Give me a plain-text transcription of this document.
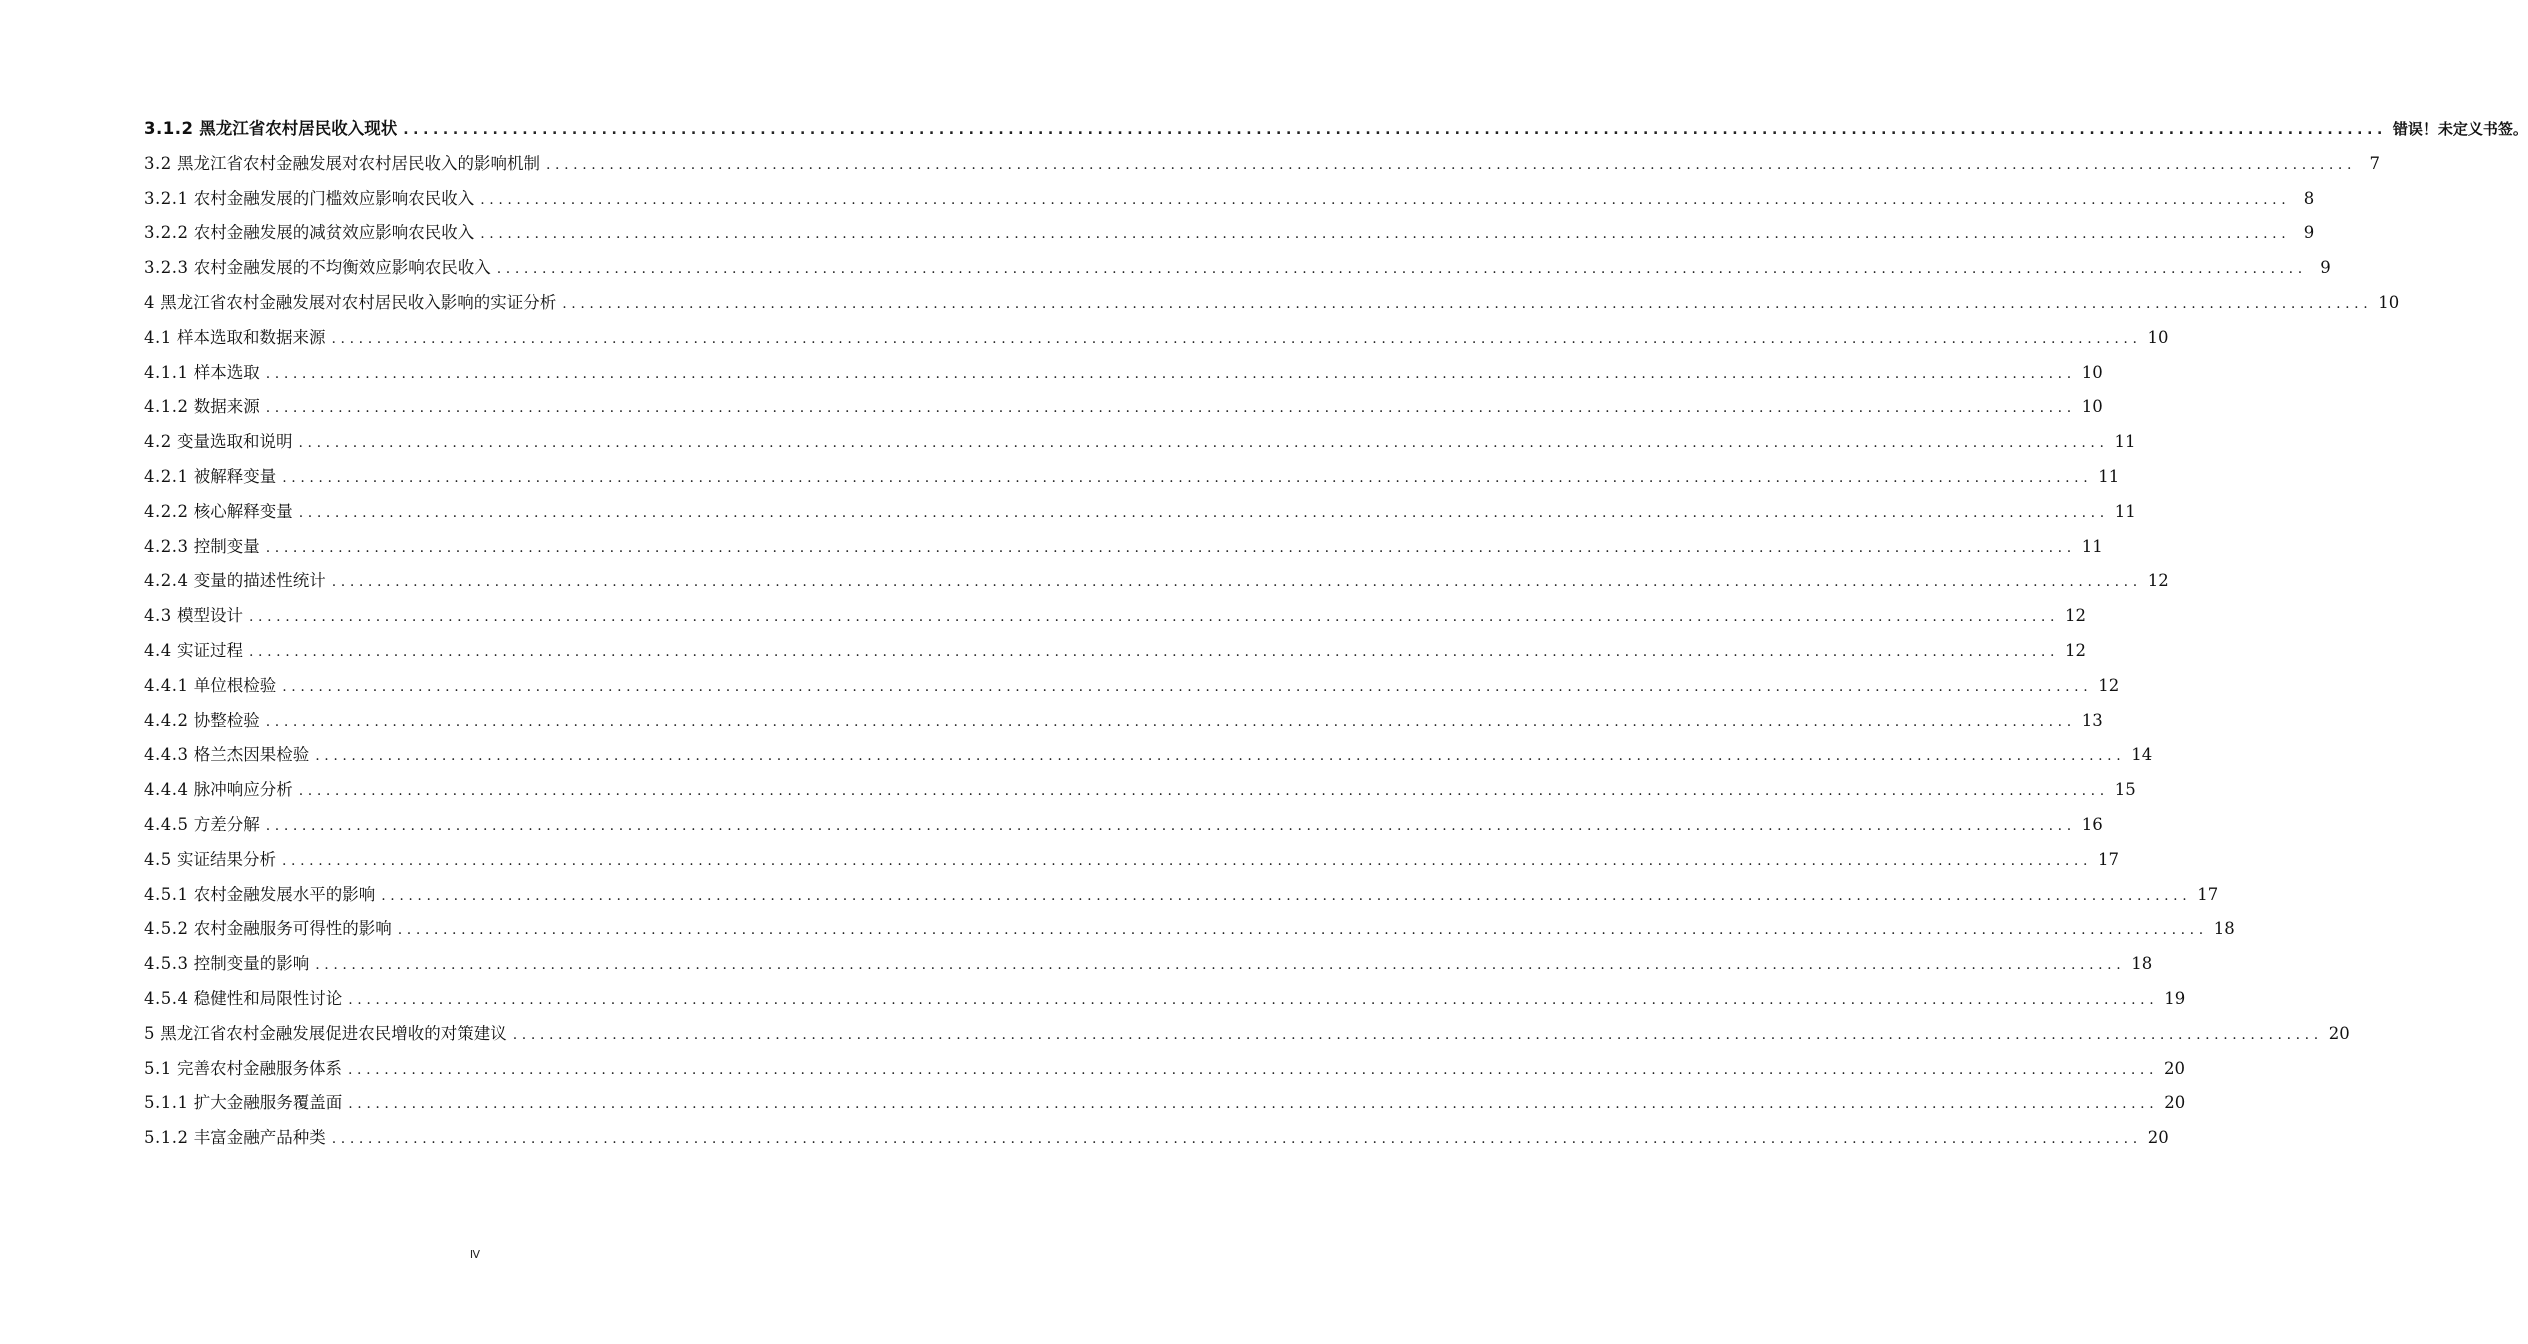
3.1.2 黑龙江省农村居民收入现状 ........................................................................................................................................................................................................ 错误！未定义书签。
3.2 黑龙江省农村金融发展对农村居民收入的影响机制 ........................................................................................................................................................................................................ 7
3.2.1 农村金融发展的门槛效应影响农民收入 ........................................................................................................................................................................................................ 8
3.2.2 农村金融发展的减贫效应影响农民收入 ........................................................................................................................................................................................................ 9
3.2.3 农村金融发展的不均衡效应影响农民收入 ........................................................................................................................................................................................................ 9
4 黑龙江省农村金融发展对农村居民收入影响的实证分析 ........................................................................................................................................................................................................ 10
4.1 样本选取和数据来源 ........................................................................................................................................................................................................ 10
4.1.1 样本选取 ........................................................................................................................................................................................................ 10
4.1.2 数据来源 ........................................................................................................................................................................................................ 10
4.2 变量选取和说明 ........................................................................................................................................................................................................ 11
4.2.1 被解释变量 ........................................................................................................................................................................................................ 11
4.2.2 核心解释变量 ........................................................................................................................................................................................................ 11
4.2.3 控制变量 ........................................................................................................................................................................................................ 11
4.2.4 变量的描述性统计 ........................................................................................................................................................................................................ 12
4.3 模型设计 ........................................................................................................................................................................................................ 12
4.4 实证过程 ........................................................................................................................................................................................................ 12
4.4.1 单位根检验 ........................................................................................................................................................................................................ 12
4.4.2 协整检验 ........................................................................................................................................................................................................ 13
4.4.3 格兰杰因果检验 ........................................................................................................................................................................................................ 14
4.4.4 脉冲响应分析 ........................................................................................................................................................................................................ 15
4.4.5 方差分解 ........................................................................................................................................................................................................ 16
4.5 实证结果分析 ........................................................................................................................................................................................................ 17
4.5.1 农村金融发展水平的影响 ........................................................................................................................................................................................................ 17
4.5.2 农村金融服务可得性的影响 ........................................................................................................................................................................................................ 18
4.5.3 控制变量的影响 ........................................................................................................................................................................................................ 18
4.5.4 稳健性和局限性讨论 ........................................................................................................................................................................................................ 19
5 黑龙江省农村金融发展促进农民增收的对策建议 ........................................................................................................................................................................................................ 20
5.1 完善农村金融服务体系 ........................................................................................................................................................................................................ 20
5.1.1 扩大金融服务覆盖面 ........................................................................................................................................................................................................ 20
5.1.2 丰富金融产品种类 ........................................................................................................................................................................................................ 20
Ⅳ
